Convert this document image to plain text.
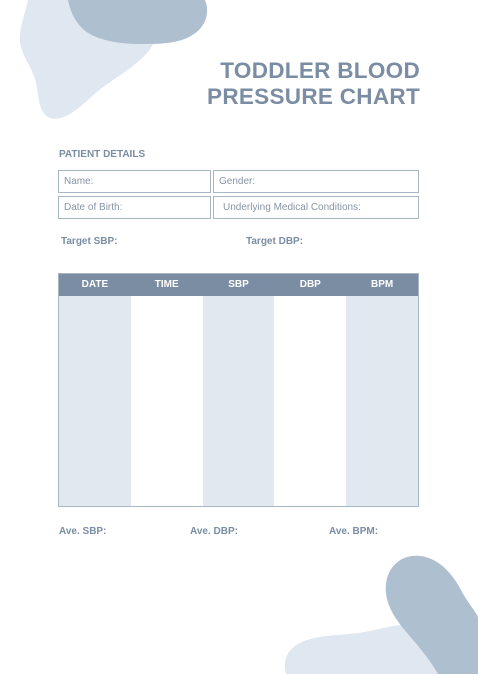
TODDLER BLOOD
PRESSURE CHART
PATIENT DETAILS
Name:	Gender:
Date of Birth:	Underlying Medical Conditions:
Target SBP:	Target DBP:
DATE	TIME	SBP	DBP	BPM
Ave. SBP:	Ave. DBP:	Ave. BPM:
